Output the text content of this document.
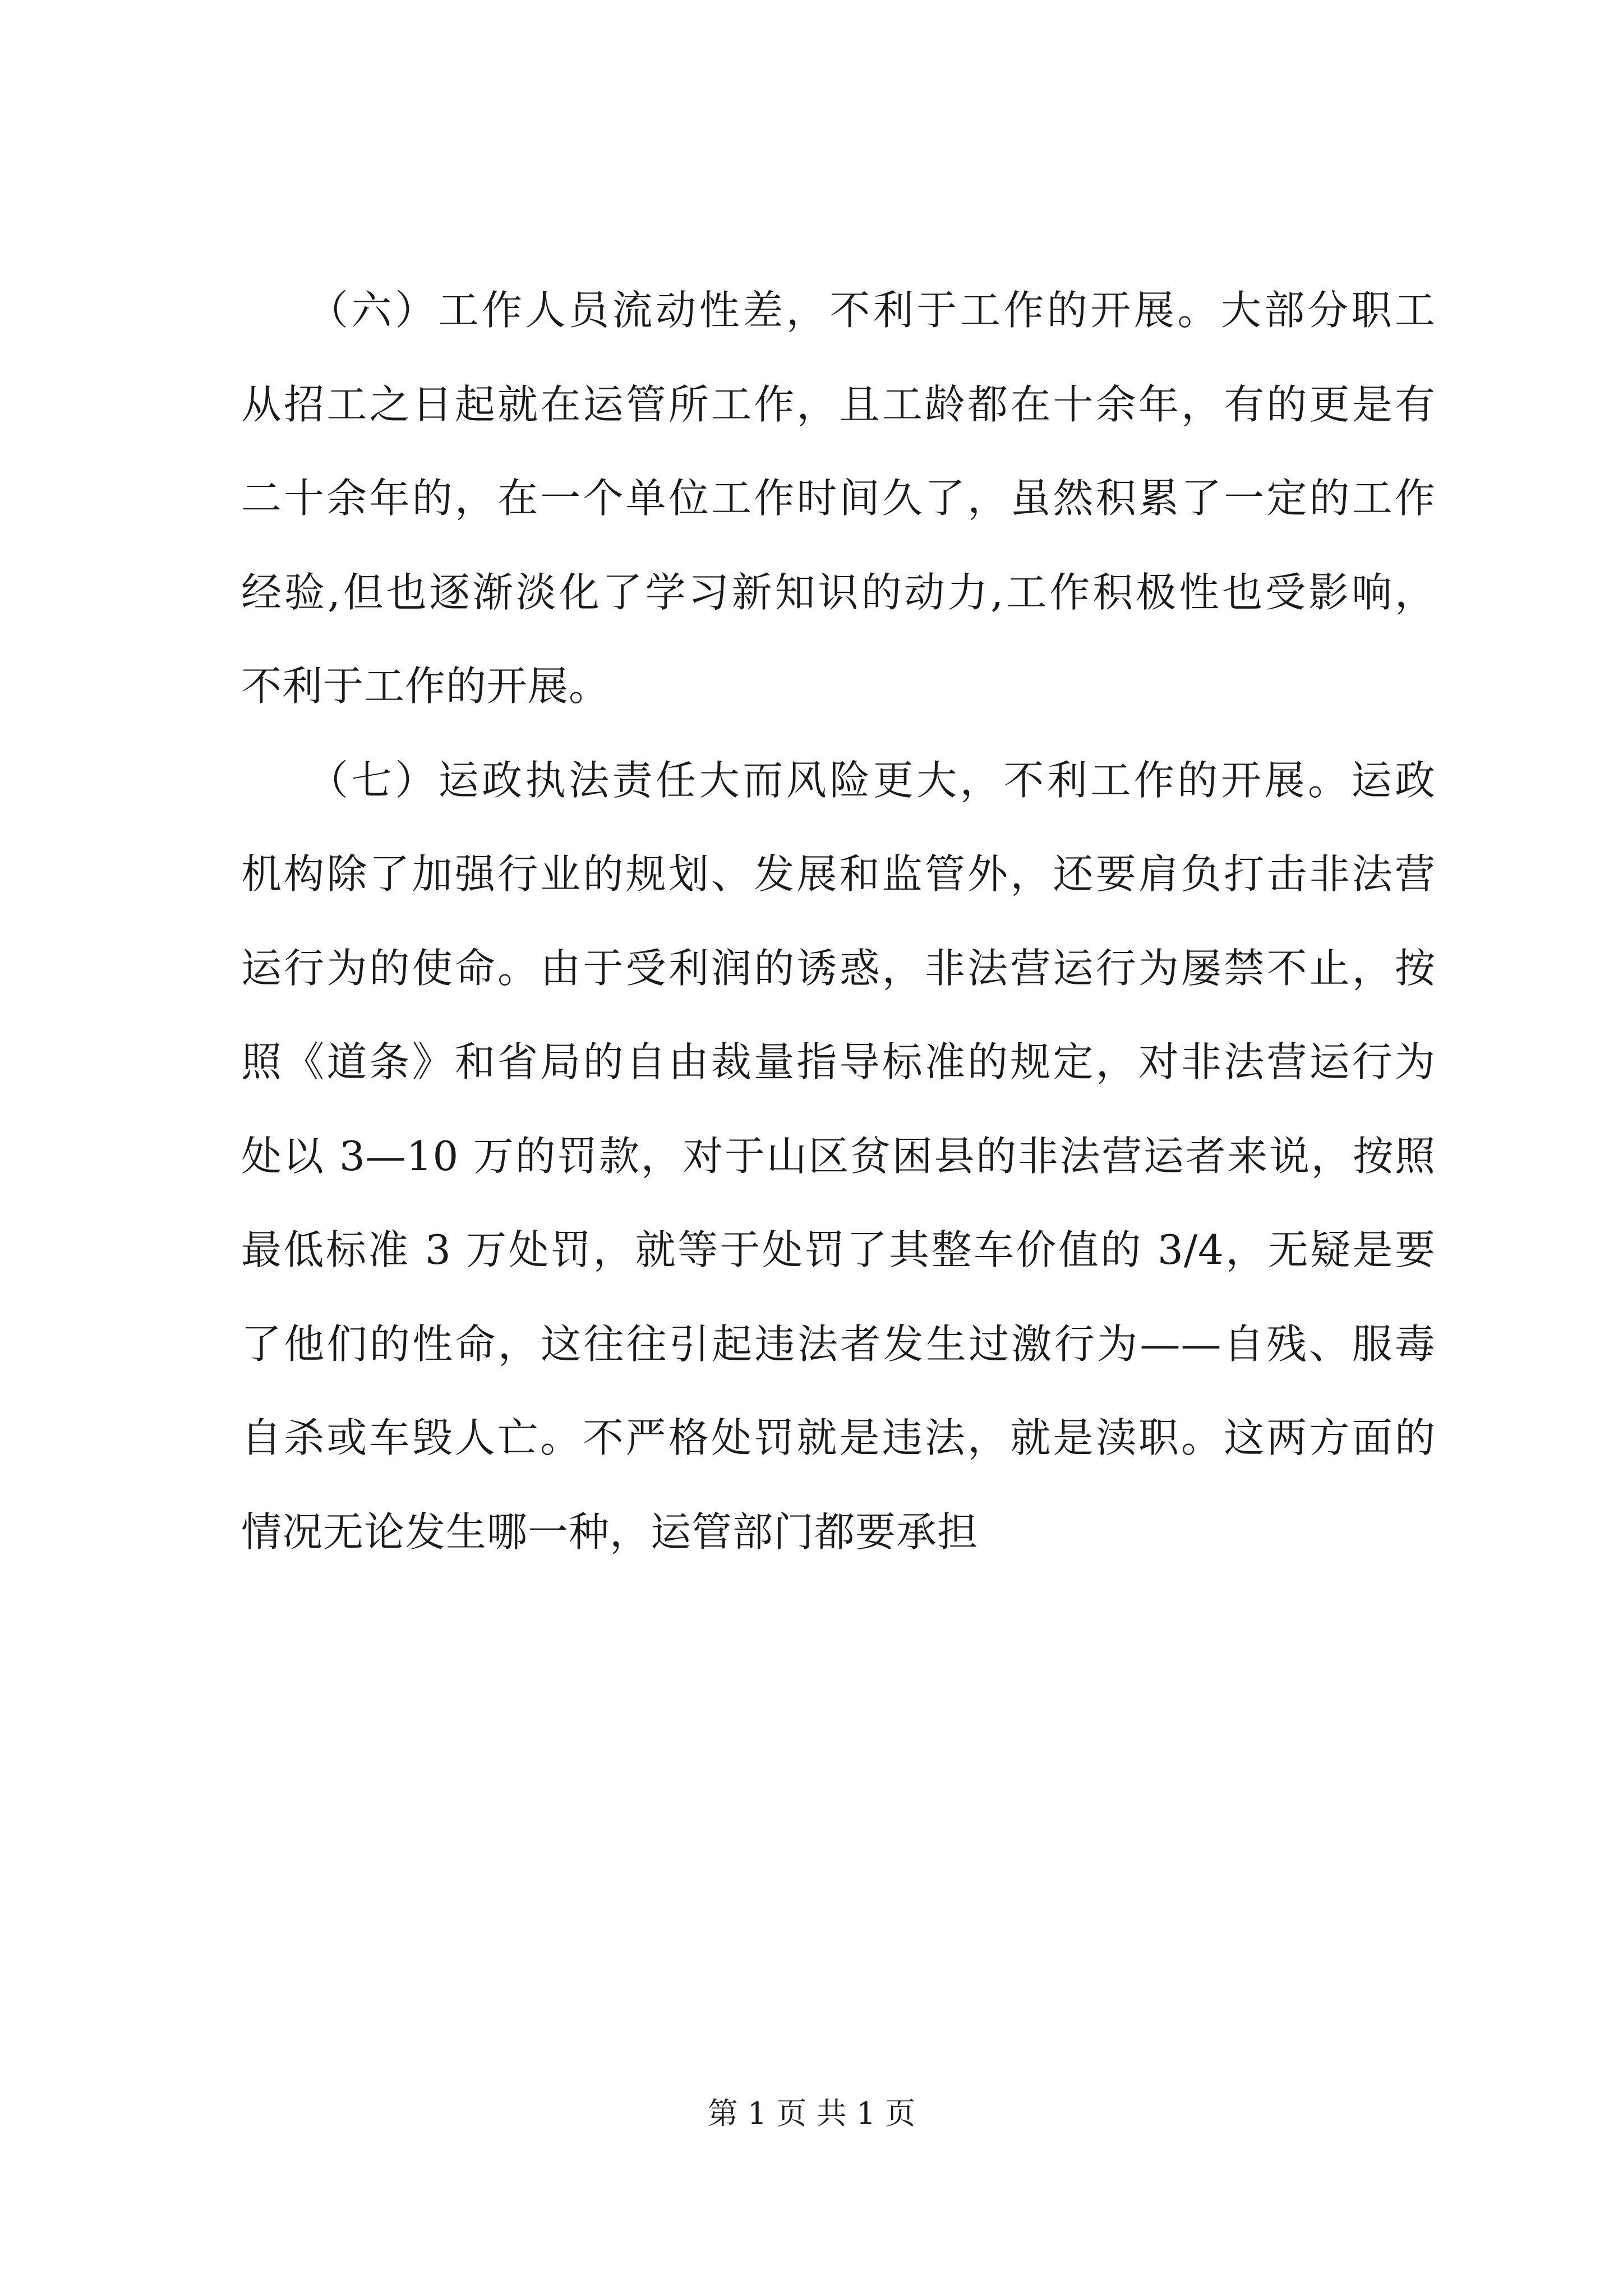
　　（六）工作人员流动性差，不利于工作的开展。大部分职工
从招工之日起就在运管所工作，且工龄都在十余年，有的更是有
二十余年的，在一个单位工作时间久了，虽然积累了一定的工作
经验,但也逐渐淡化了学习新知识的动力,工作积极性也受影响，
不利于工作的开展。
　　（七）运政执法责任大而风险更大，不利工作的开展。运政
机构除了加强行业的规划、发展和监管外，还要肩负打击非法营
运行为的使命。由于受利润的诱惑，非法营运行为屡禁不止，按
照《道条》和省局的自由裁量指导标准的规定，对非法营运行为
处以 3—10 万的罚款，对于山区贫困县的非法营运者来说，按照
最低标准 3 万处罚，就等于处罚了其整车价值的 3/4，无疑是要
了他们的性命，这往往引起违法者发生过激行为——自残、服毒
自杀或车毁人亡。不严格处罚就是违法，就是渎职。这两方面的
情况无论发生哪一种，运管部门都要承担
第 1 页 共 1 页
